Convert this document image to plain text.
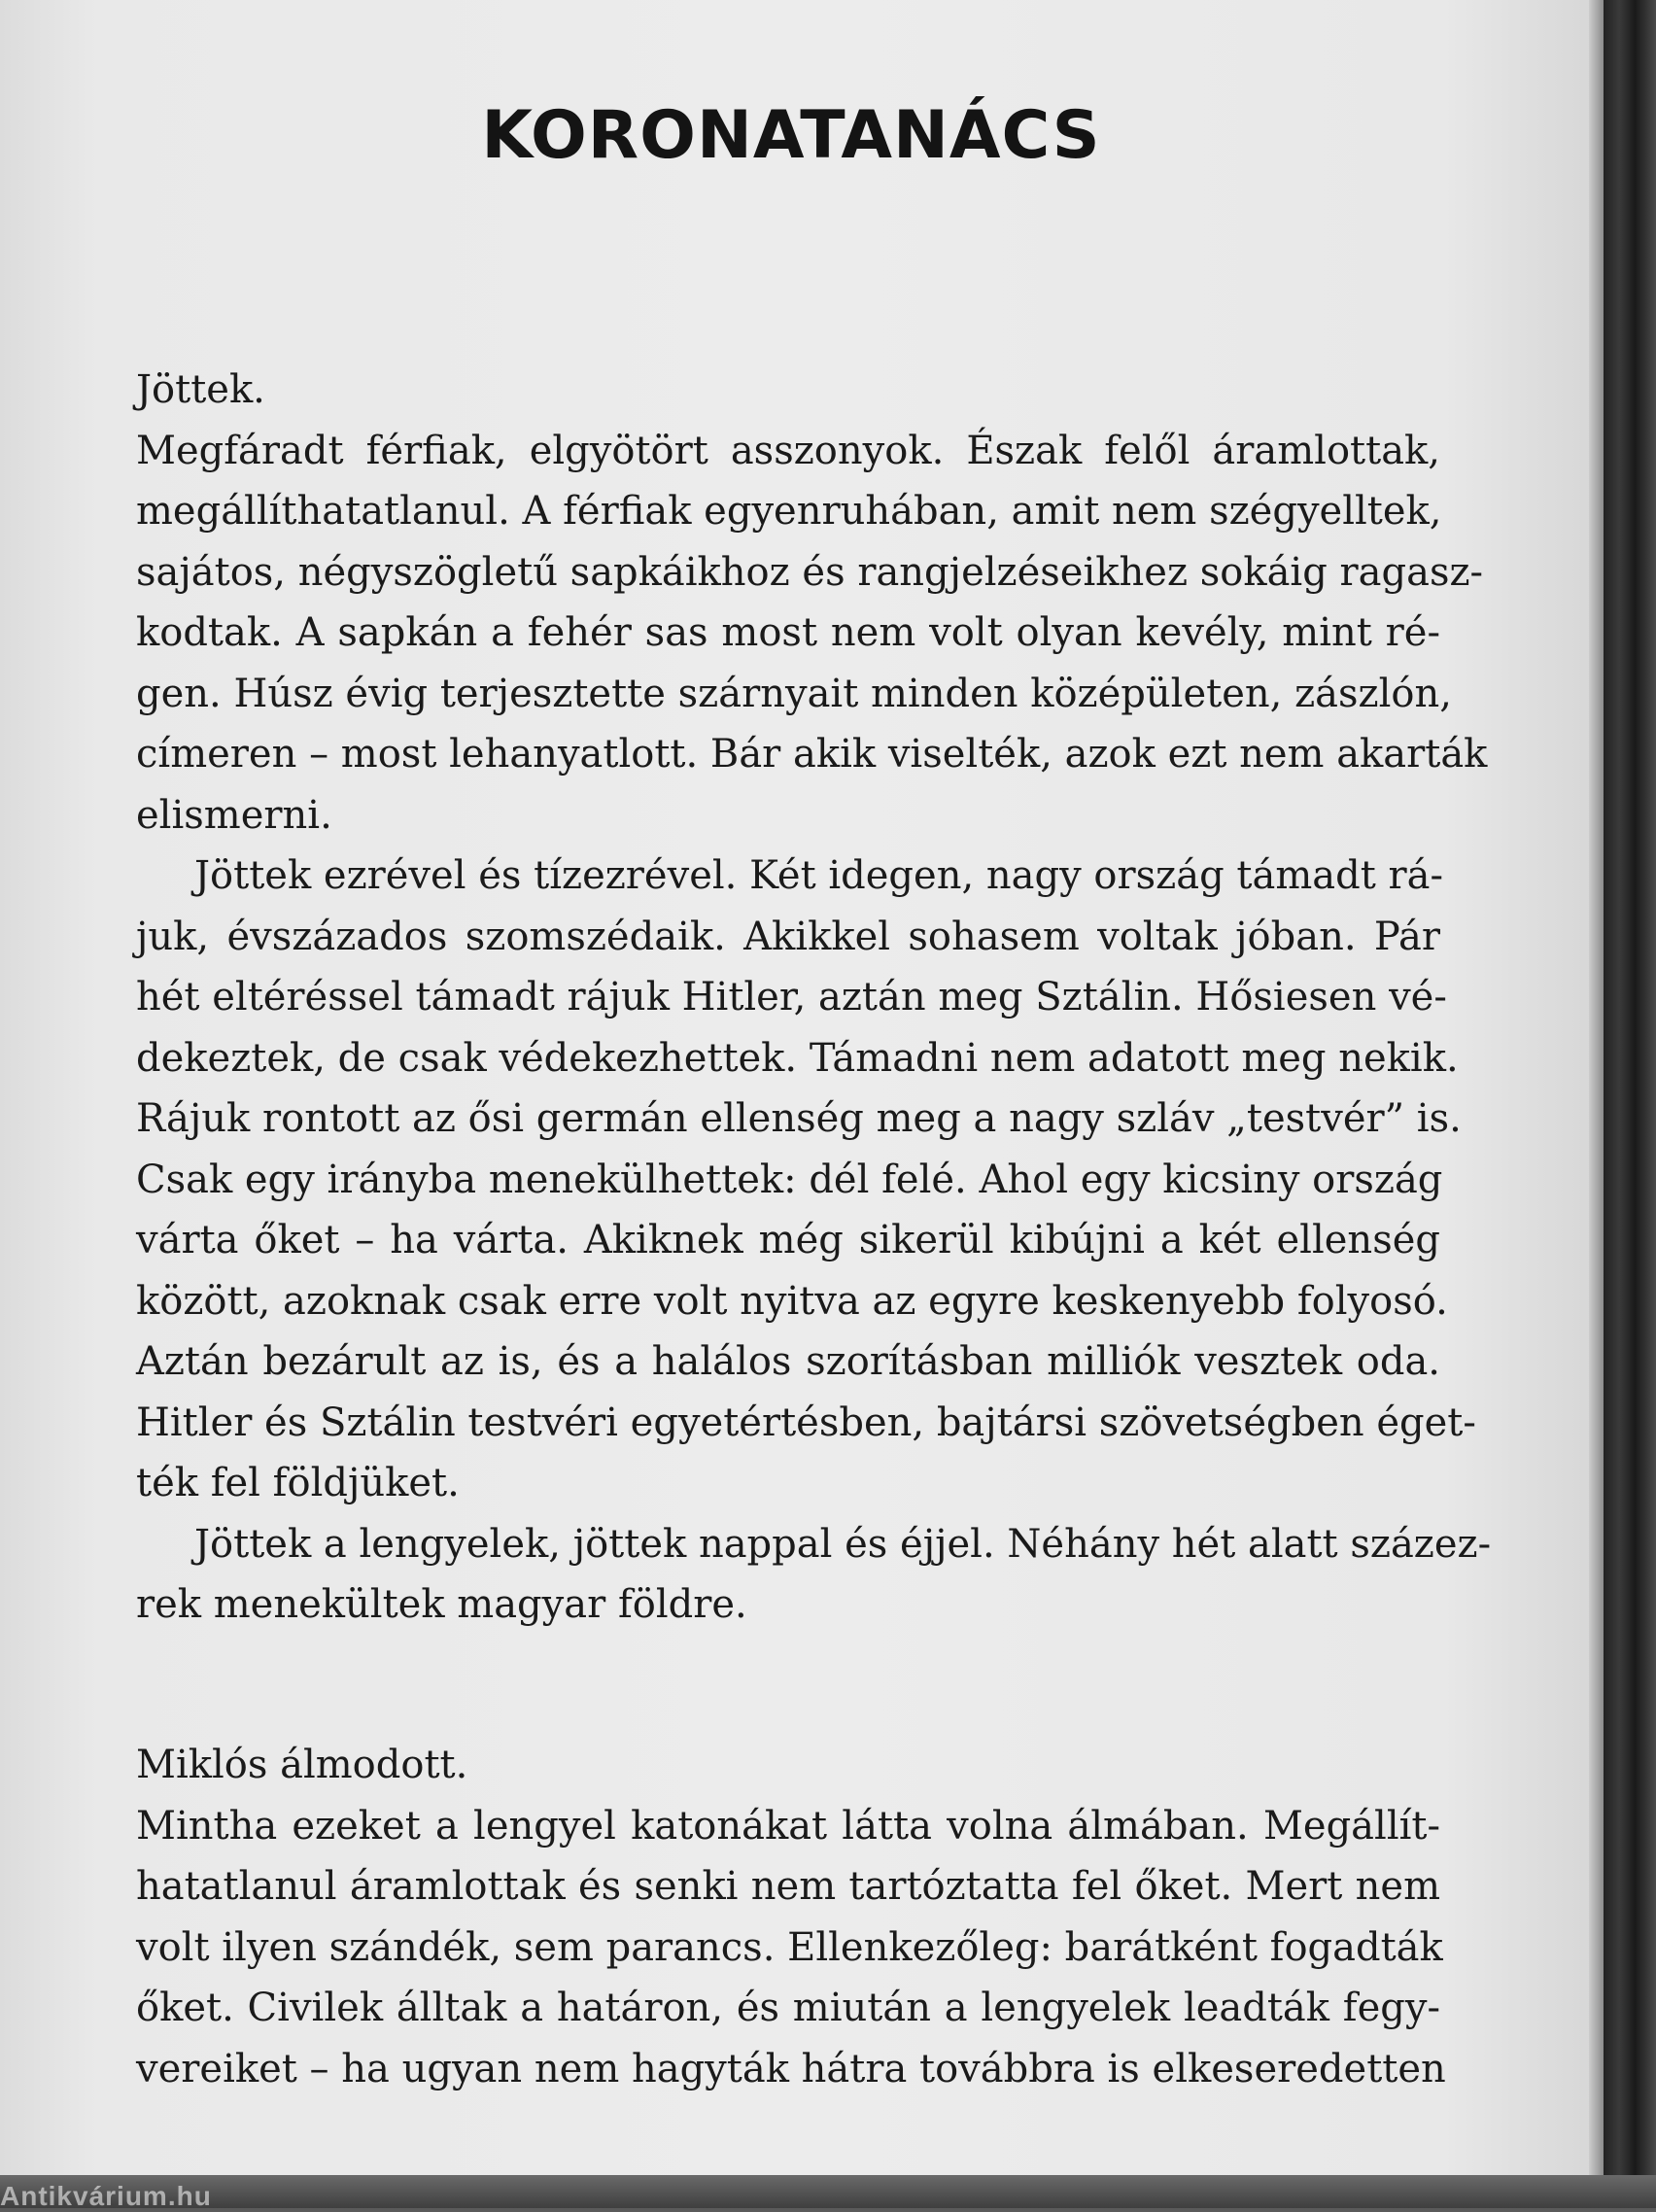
KORONATANÁCS
Jöttek.
Megfáradt férfiak, elgyötört asszonyok. Észak felől áramlottak,
megállíthatatlanul. A férfiak egyenruhában, amit nem szégyelltek,
sajátos, négyszögletű sapkáikhoz és rangjelzéseikhez sokáig ragasz-
kodtak. A sapkán a fehér sas most nem volt olyan kevély, mint ré-
gen. Húsz évig terjesztette szárnyait minden középületen, zászlón,
címeren – most lehanyatlott. Bár akik viselték, azok ezt nem akarták
elismerni.
Jöttek ezrével és tízezrével. Két idegen, nagy ország támadt rá-
juk, évszázados szomszédaik. Akikkel sohasem voltak jóban. Pár
hét eltéréssel támadt rájuk Hitler, aztán meg Sztálin. Hősiesen vé-
dekeztek, de csak védekezhettek. Támadni nem adatott meg nekik.
Rájuk rontott az ősi germán ellenség meg a nagy szláv „testvér” is.
Csak egy irányba menekülhettek: dél felé. Ahol egy kicsiny ország
várta őket – ha várta. Akiknek még sikerül kibújni a két ellenség
között, azoknak csak erre volt nyitva az egyre keskenyebb folyosó.
Aztán bezárult az is, és a halálos szorításban milliók vesztek oda.
Hitler és Sztálin testvéri egyetértésben, bajtársi szövetségben éget-
ték fel földjüket.
Jöttek a lengyelek, jöttek nappal és éjjel. Néhány hét alatt százez-
rek menekültek magyar földre.
Miklós álmodott.
Mintha ezeket a lengyel katonákat látta volna álmában. Megállít-
hatatlanul áramlottak és senki nem tartóztatta fel őket. Mert nem
volt ilyen szándék, sem parancs. Ellenkezőleg: barátként fogadták
őket. Civilek álltak a határon, és miután a lengyelek leadták fegy-
vereiket – ha ugyan nem hagyták hátra továbbra is elkeseredetten
Antikvárium.hu
